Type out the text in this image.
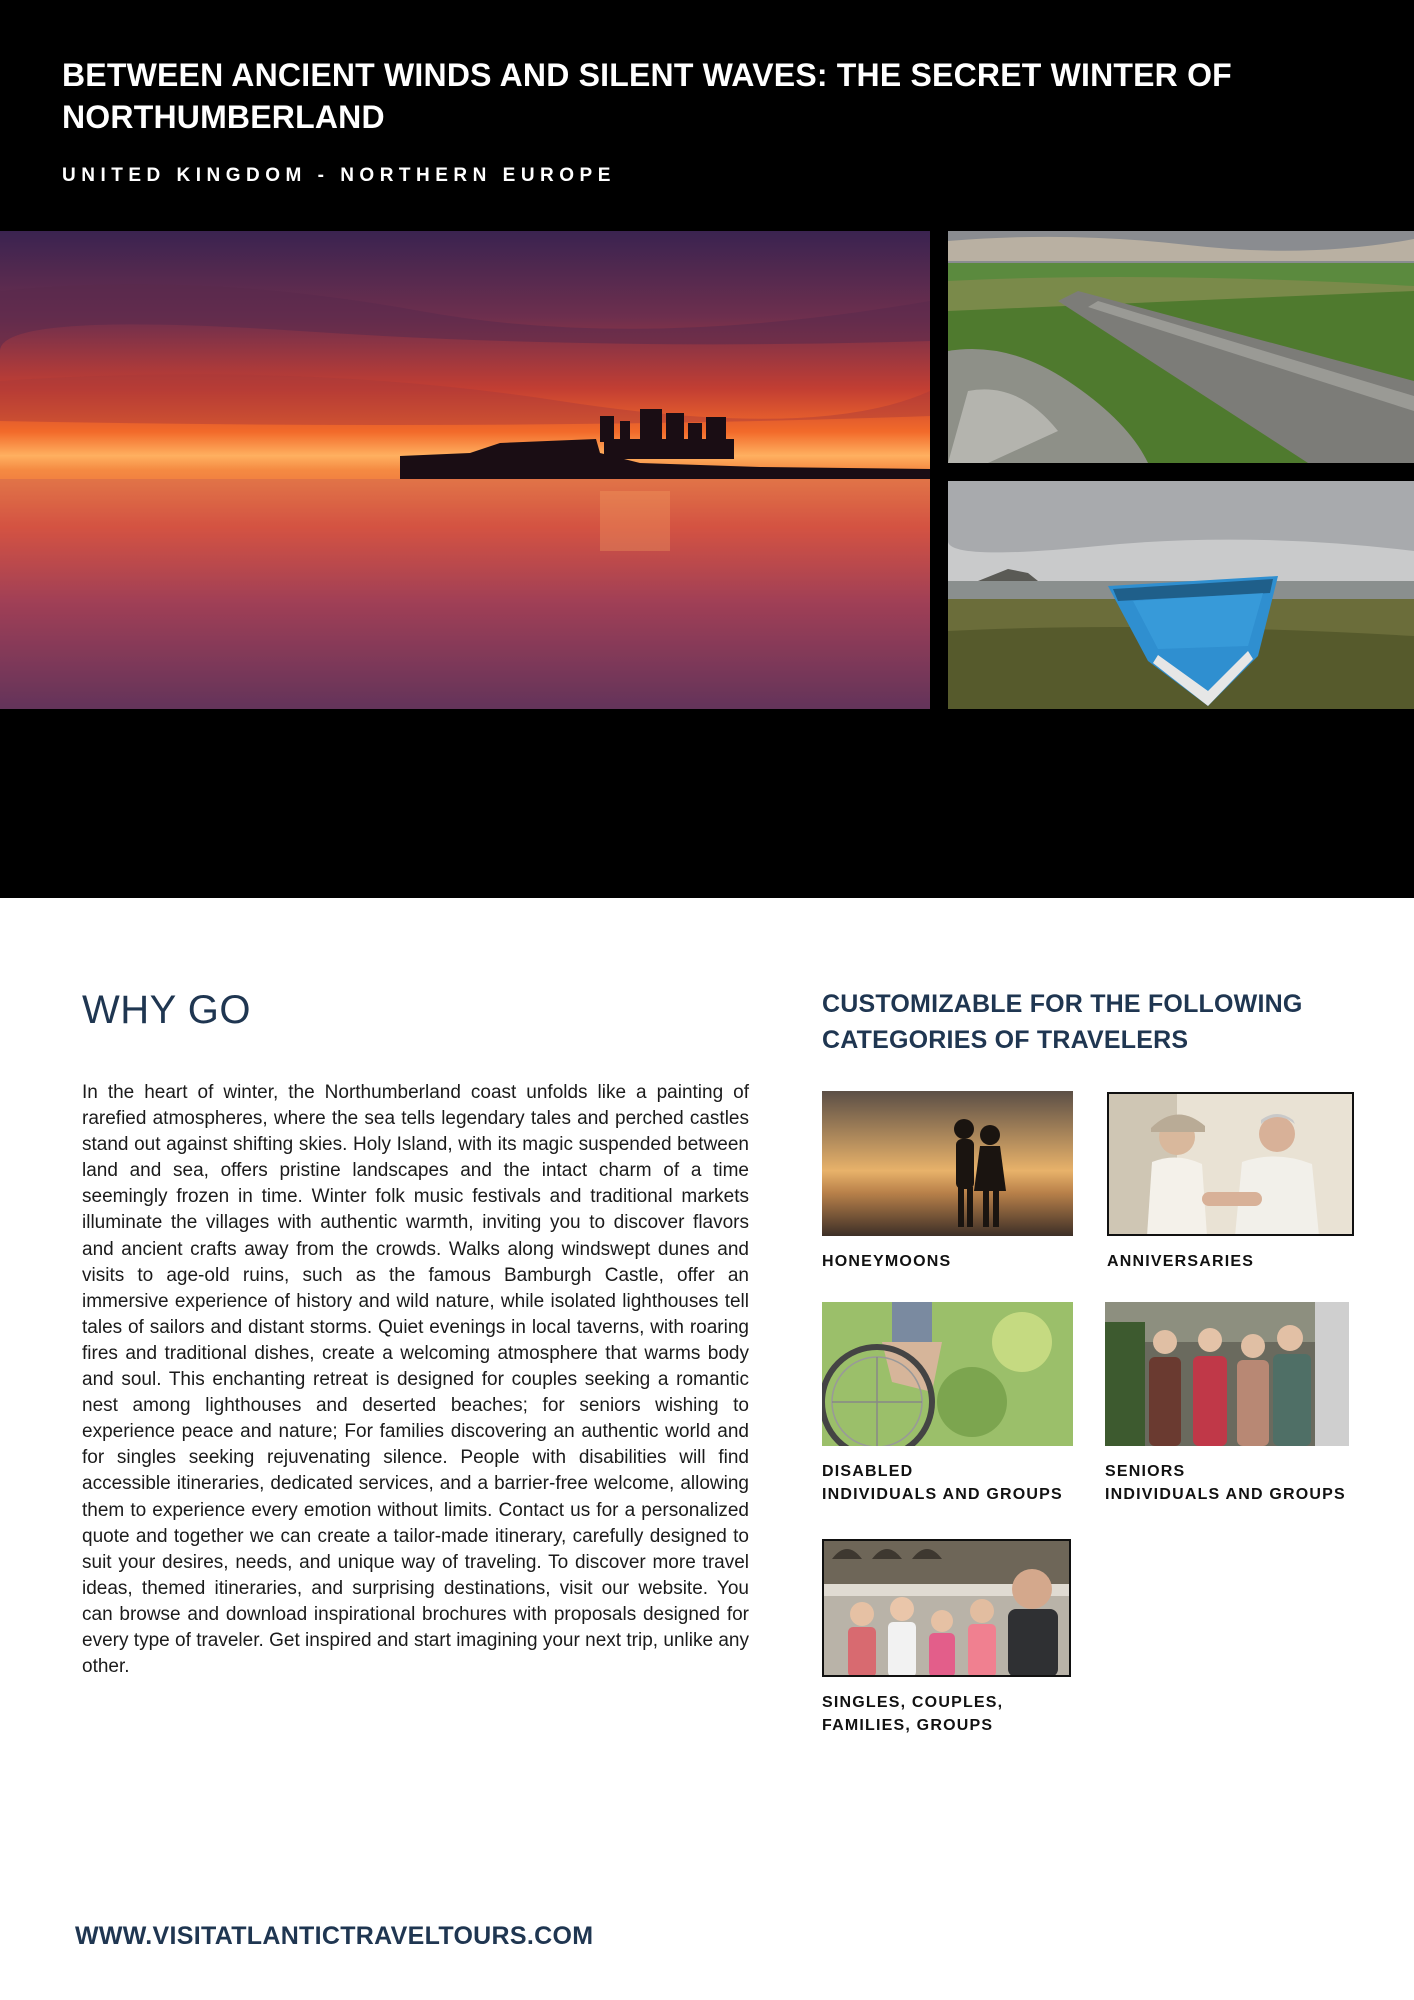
BETWEEN ANCIENT WINDS AND SILENT WAVES: THE SECRET WINTER OF NORTHUMBERLAND
UNITED KINGDOM - NORTHERN EUROPE
WHY GO

In the heart of winter, the Northumberland coast unfolds like a painting of rarefied atmospheres, where the sea tells legendary tales and perched castles stand out against shifting skies. Holy Island, with its magic suspended between land and sea, offers pristine landscapes and the intact charm of a time seemingly frozen in time. Winter folk music festivals and traditional markets illuminate the villages with authentic warmth, inviting you to discover flavors and ancient crafts away from the crowds. Walks along windswept dunes and visits to age-old ruins, such as the famous Bamburgh Castle, offer an immersive experience of history and wild nature, while isolated lighthouses tell tales of sailors and distant storms. Quiet evenings in local taverns, with roaring fires and traditional dishes, create a welcoming atmosphere that warms body and soul. This enchanting retreat is designed for couples seeking a romantic nest among lighthouses and deserted beaches; for seniors wishing to experience peace and nature; For families discovering an authentic world and for singles seeking rejuvenating silence. People with disabilities will find accessible itineraries, dedicated services, and a barrier-free welcome, allowing them to experience every emotion without limits. Contact us for a personalized quote and together we can create a tailor-made itinerary, carefully designed to suit your desires, needs, and unique way of traveling. To discover more travel ideas, themed itineraries, and surprising destinations, visit our website. You can browse and download inspirational brochures with proposals designed for every type of traveler. Get inspired and start imagining your next trip, unlike any other.

CUSTOMIZABLE FOR THE FOLLOWING CATEGORIES OF TRAVELERS
HONEYMOONS	ANNIVERSARIES
DISABLED
INDIVIDUALS AND GROUPS
SENIORS
INDIVIDUALS AND GROUPS
SINGLES, COUPLES,
FAMILIES, GROUPS
WWW.VISITATLANTICTRAVELTOURS.COM
